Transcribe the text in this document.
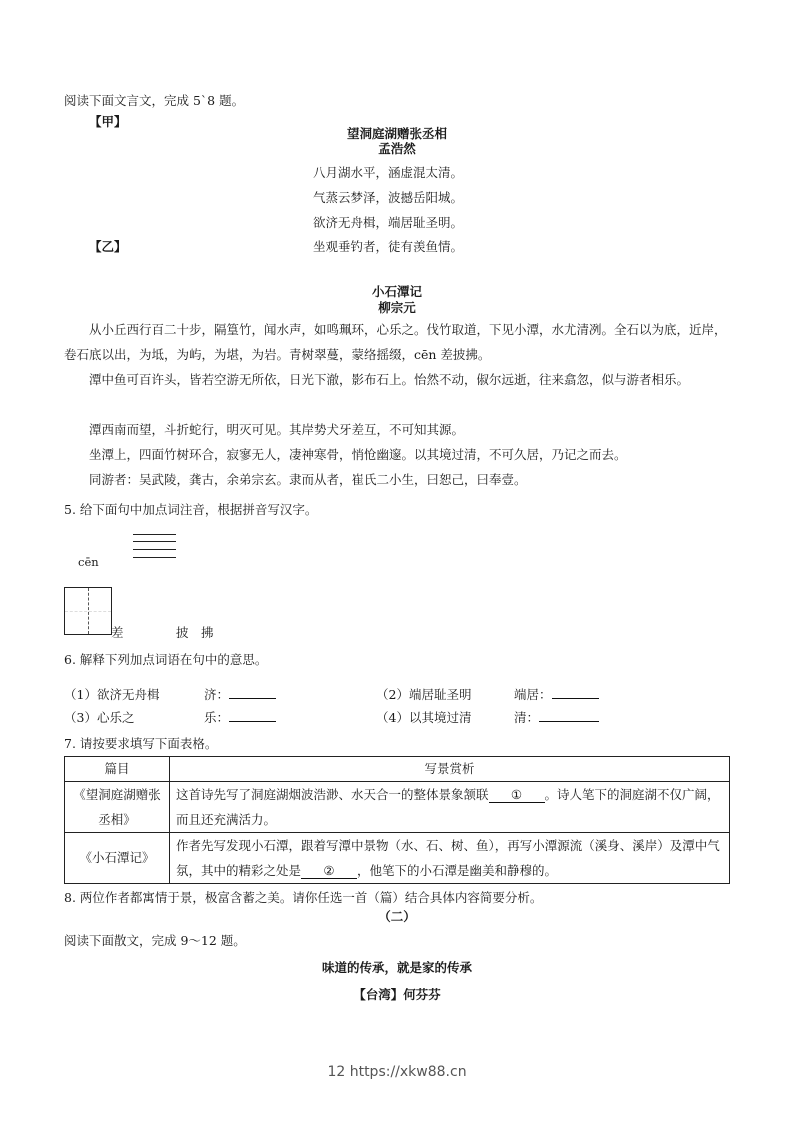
阅读下面文言文，完成 5`8 题。
【甲】
望洞庭湖赠张丞相
孟浩然
八月湖水平，涵虚混太清。
气蒸云梦泽，波撼岳阳城。
欲济无舟楫，端居耻圣明。
【乙】	坐观垂钓者，徒有羡鱼情。
小石潭记
柳宗元
从小丘西行百二十步，隔篁竹，闻水声，如鸣珮环，心乐之。伐竹取道，下见小潭，水尤清冽。全石以为底，近岸，卷石底以出，为坻，为屿，为堪，为岩。青树翠蔓，蒙络摇缀，cēn 差披拂。
潭中鱼可百许头，皆若空游无所依，日光下澈，影布石上。怡然不动，俶尔远逝，往来翕忽，似与游者相乐。
潭西南而望，斗折蛇行，明灭可见。其岸势犬牙差互，不可知其源。
坐潭上，四面竹树环合，寂寥无人，凄神寒骨，悄怆幽邃。以其境过清，不可久居，乃记之而去。
同游者：吴武陵，龚古，余弟宗玄。隶而从者，崔氏二小生，曰恕己，曰奉壹。
5. 给下面句中加点词注音，根据拼音写汉字。
cēn
差	披　拂
6. 解释下列加点词语在句中的意思。
（1）欲济无舟楫	济：	（2）端居耻圣明	端居：
（3）心乐之	乐：	（4）以其境过清	清：
7. 请按要求填写下面表格。
篇目	写景赏析
《望洞庭湖赠张丞相》	这首诗先写了洞庭湖烟波浩渺、水天合一的整体景象颔联 ① 。诗人笔下的洞庭湖不仅广阔，而且还充满活力。
《小石潭记》	作者先写发现小石潭，跟着写潭中景物（水、石、树、鱼），再写小潭源流（溪身、溪岸）及潭中气氛，其中的精彩之处是 ② ，他笔下的小石潭是幽美和静穆的。
8. 两位作者都寓情于景，极富含蓄之美。请你任选一首（篇）结合具体内容简要分析。
（二）
阅读下面散文，完成 9～12 题。
味道的传承，就是家的传承
【台湾】何芬芬
12 https://xkw88.cn
